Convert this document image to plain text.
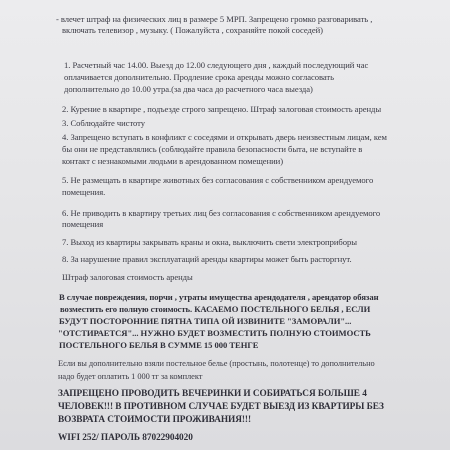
- влечет штраф на физических лиц в размере 5 МРП. Запрещено громко разговаривать ,
включать телевизор , музыку. ( Пожалуйста , сохраняйте покой соседей)
1. Расчетный час 14.00. Выезд до 12.00 следующего дня , каждый последующий час
оплачивается дополнительно. Продление срока аренды можно согласовать
дополнительно до 10.00 утра.(за два часа до расчетного часа выезда)
2. Курение в квартире , подъезде строго запрещено. Штраф залоговая стоимость аренды
3. Соблюдайте чистоту
4. Запрещено вступать в конфликт с соседями и открывать дверь неизвестным лицам, кем
бы они не представлялись (соблюдайте правила безопасности быта, не вступайте в
контакт с незнакомыми людьми в арендованном помещении)
5. Не размещать в квартире животных без согласования с собственником арендуемого
помещения.
6. Не приводить в квартиру третьих лиц без согласования с собственником арендуемого
помещения
7. Выход из квартиры закрывать краны и окна, выключить свети электроприборы
8. За нарушение правил эксплуатаций аренды квартиры может быть расторгнут.
Штраф залоговая стоимость аренды
В случае повреждения, порчи , утраты имущества арендодателя , арендатор обязан
возместить его полную стоимость. КАСАЕМО ПОСТЕЛЬНОГО БЕЛЬЯ , ЕСЛИ
БУДУТ ПОСТОРОННИЕ ПЯТНА ТИПА ОЙ ИЗВИНИТЕ "ЗАМОРАЛИ"...
"ОТСТИРАЕТСЯ"... НУЖНО БУДЕТ ВОЗМЕСТИТЬ ПОЛНУЮ СТОИМОСТЬ
ПОСТЕЛЬНОГО БЕЛЬЯ В СУММЕ 15 000 ТЕНГЕ
Если вы дополнительно взяли постельное белье (простынь, полотенце) то дополнительно
надо будет оплатить 1 000 тг за комплект
ЗАПРЕЩЕНО ПРОВОДИТЬ ВЕЧЕРИНКИ И СОБИРАТЬСЯ БОЛЬШЕ 4
ЧЕЛОВЕК!!! В ПРОТИВНОМ СЛУЧАЕ БУДЕТ ВЫЕЗД ИЗ КВАРТИРЫ БЕЗ
ВОЗВРАТА СТОИМОСТИ ПРОЖИВАНИЯ!!!
WIFI 252/ ПАРОЛЬ 87022904020
